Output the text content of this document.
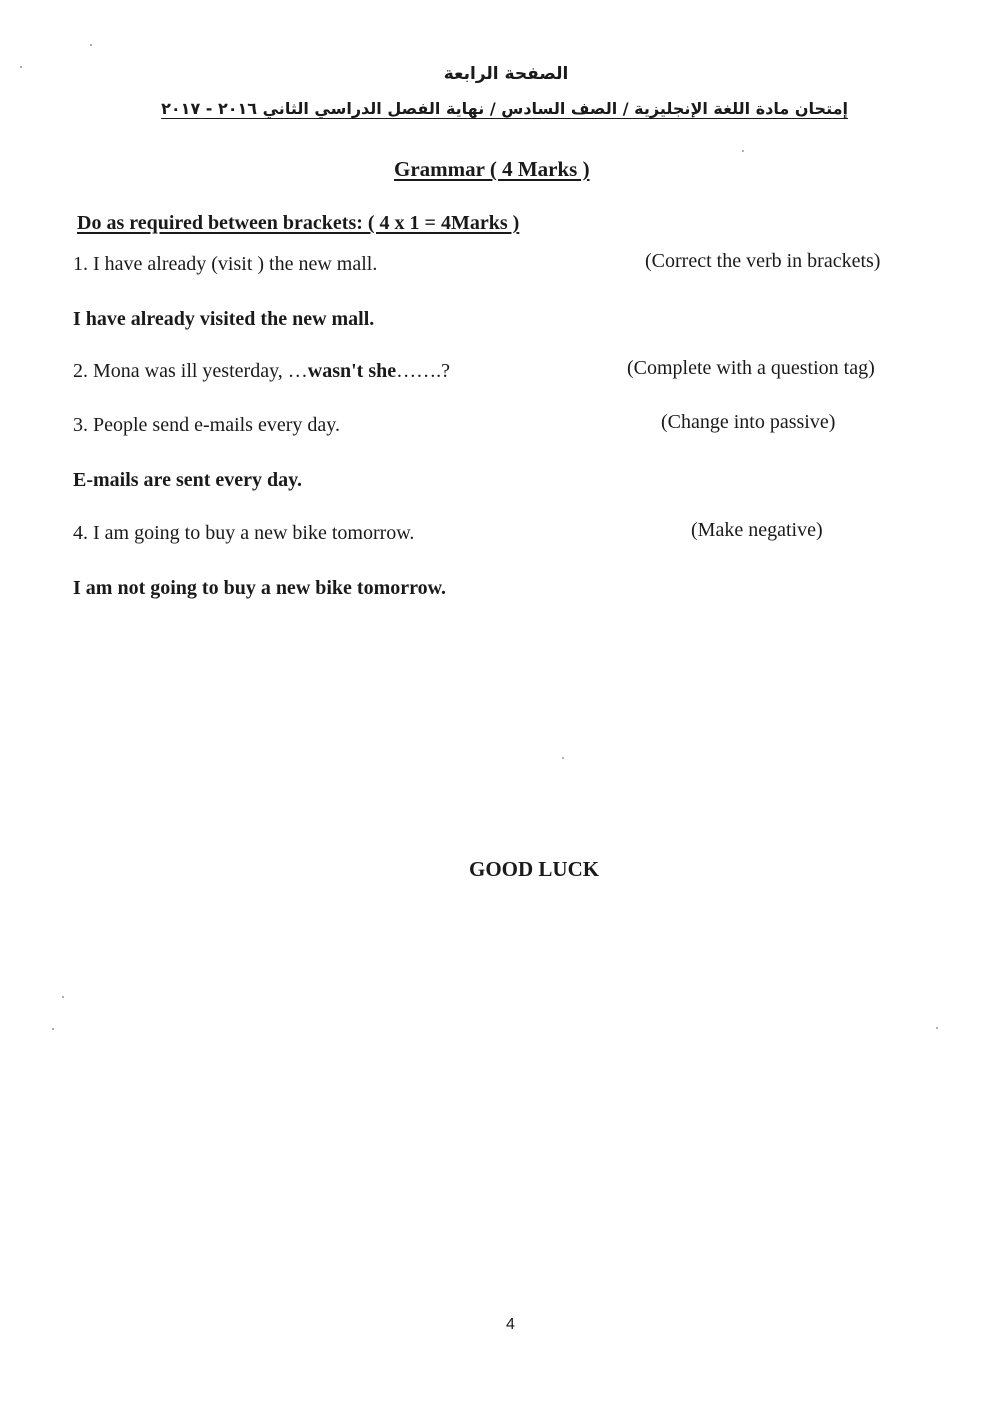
الصفحة الرابعة
إمتحان مادة اللغة الإنجليزية / الصف السادس / نهاية الفصل الدراسي الثاني ٢٠١٦ - ٢٠١٧
Grammar ( 4 Marks )
Do as required between brackets: ( 4 x 1 = 4Marks )
1. I have already (visit ) the new mall.	(Correct the verb in brackets)
I have already visited the new mall.
2. Mona was ill yesterday, …wasn't she…….?	(Complete with a question tag)
3. People send e-mails every day.	(Change into passive)
E-mails are sent every day.
4. I am going to buy a new bike tomorrow.	(Make negative)
I am not going to buy a new bike tomorrow.
GOOD LUCK
4
